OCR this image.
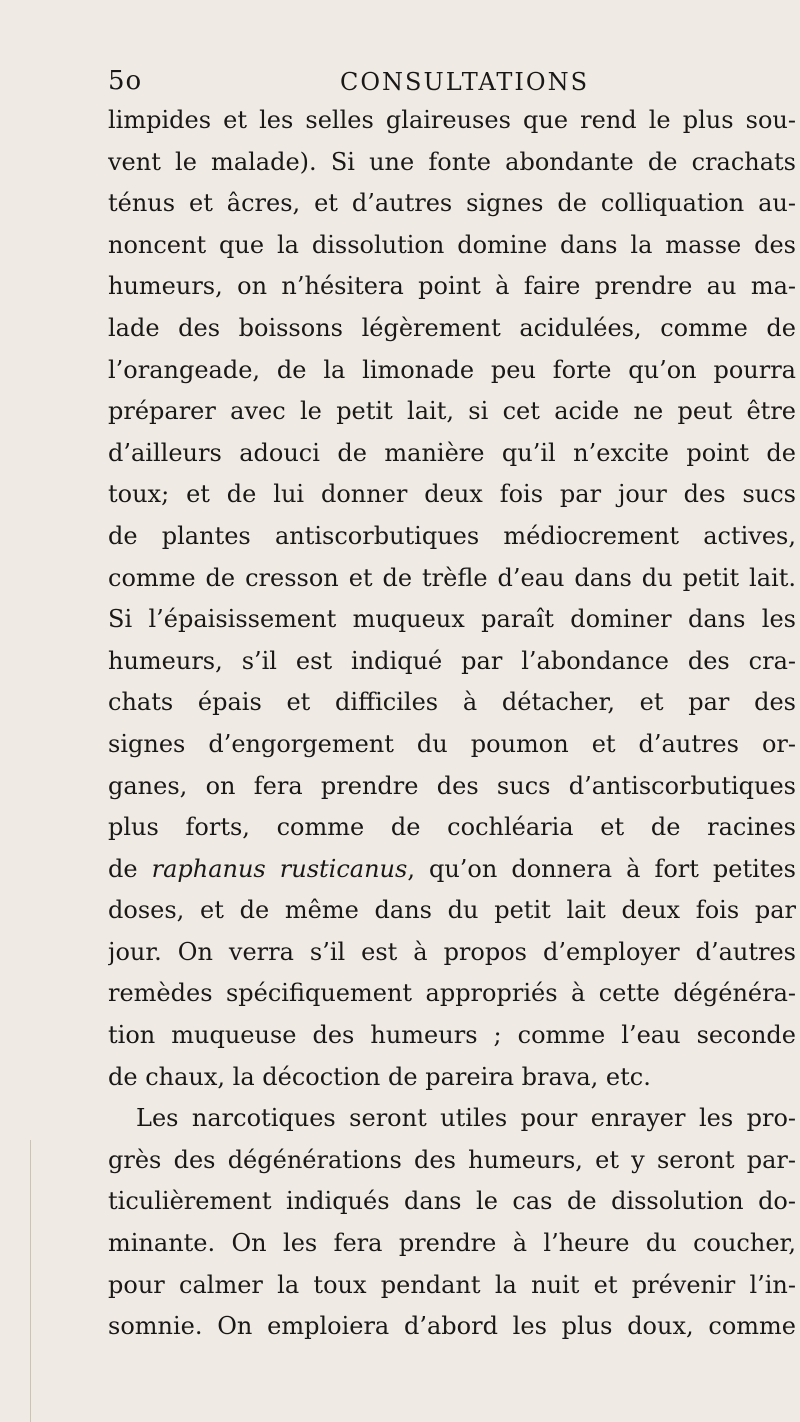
5o	CONSULTATIONS
limpides et les selles glaireuses que rend le plus sou-
vent le malade). Si une fonte abondante de crachats
ténus et âcres, et d’autres signes de colliquation au-
noncent que la dissolution domine dans la masse des
humeurs, on n’hésitera point à faire prendre au ma-
lade des boissons légèrement acidulées, comme de
l’orangeade, de la limonade peu forte qu’on pourra
préparer avec le petit lait, si cet acide ne peut être
d’ailleurs adouci de manière qu’il n’excite point de
toux; et de lui donner deux fois par jour des sucs
de plantes antiscorbutiques médiocrement actives,
comme de cresson et de trèfle d’eau dans du petit lait.
Si l’épaisissement muqueux paraît dominer dans les
humeurs, s’il est indiqué par l’abondance des cra-
chats épais et difficiles à détacher, et par des
signes d’engorgement du poumon et d’autres or-
ganes, on fera prendre des sucs d’antiscorbutiques
plus forts, comme de cochléaria et de racines
de raphanus rusticanus, qu’on donnera à fort petites
doses, et de même dans du petit lait deux fois par
jour. On verra s’il est à propos d’employer d’autres
remèdes spécifiquement appropriés à cette dégénéra-
tion muqueuse des humeurs ; comme l’eau seconde
de chaux, la décoction de pareira brava, etc.
Les narcotiques seront utiles pour enrayer les pro-
grès des dégénérations des humeurs, et y seront par-
ticulièrement indiqués dans le cas de dissolution do-
minante. On les fera prendre à l’heure du coucher,
pour calmer la toux pendant la nuit et prévenir l’in-
somnie. On emploiera d’abord les plus doux, comme
